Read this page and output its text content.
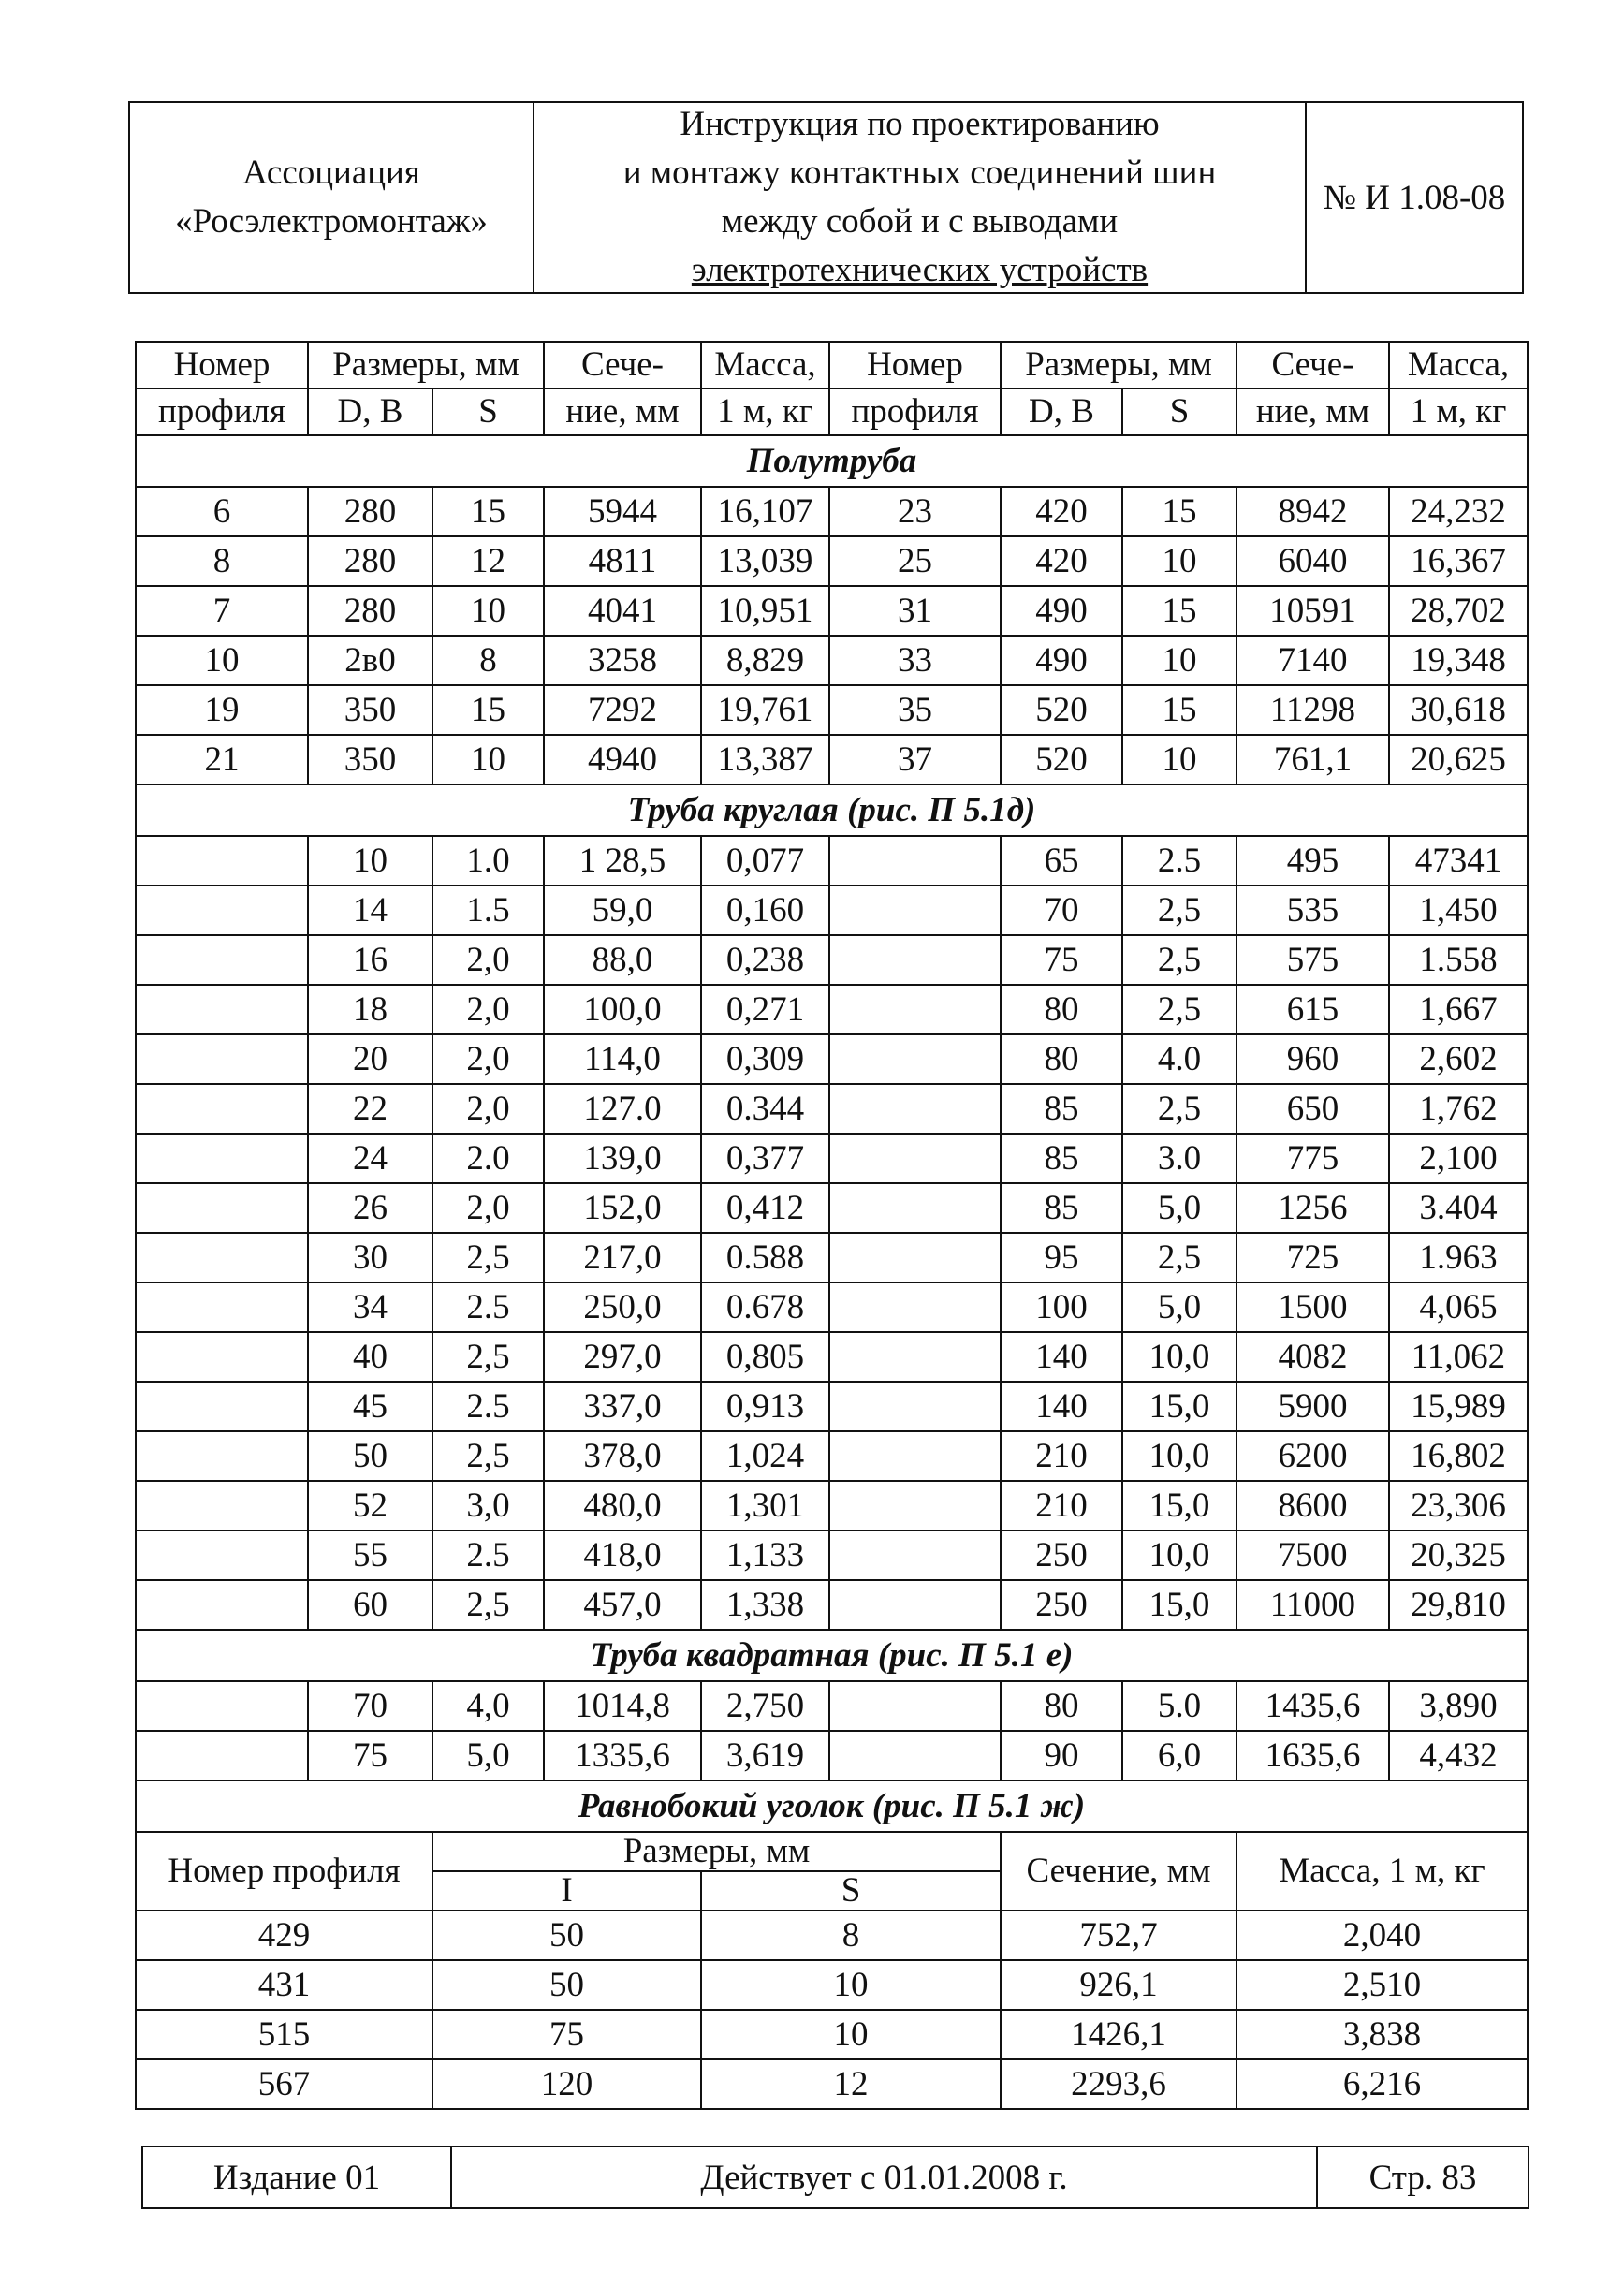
Ассоциация
«Росэлектромонтаж»
Инструкция по проектированию
и монтажу контактных соединений шин
между собой и с выводами
электротехнических устройств
№ И 1.08-08
Номер	Размеры, мм		Сече-	Масса,	Номер	Размеры, мм		Сече-	Масса,
профиля	D, B	S	ние, мм	1 м, кг	профиля	D, B	S	ние, мм	1 м, кг
Полутруба									
6	280	15	5944	16,107	23	420	15	8942	24,232
8	280	12	4811	13,039	25	420	10	6040	16,367
7	280	10	4041	10,951	31	490	15	10591	28,702
10	2в0	8	3258	8,829	33	490	10	7140	19,348
19	350	15	7292	19,761	35	520	15	11298	30,618
21	350	10	4940	13,387	37	520	10	761,1	20,625
Труба круглая (рис. П 5.1д)									
	10	1.0	1 28,5	0,077		65	2.5	495	47341
	14	1.5	59,0	0,160		70	2,5	535	1,450
	16	2,0	88,0	0,238		75	2,5	575	1.558
	18	2,0	100,0	0,271		80	2,5	615	1,667
	20	2,0	114,0	0,309		80	4.0	960	2,602
	22	2,0	127.0	0.344		85	2,5	650	1,762
	24	2.0	139,0	0,377		85	3.0	775	2,100
	26	2,0	152,0	0,412		85	5,0	1256	3.404
	30	2,5	217,0	0.588		95	2,5	725	1.963
	34	2.5	250,0	0.678		100	5,0	1500	4,065
	40	2,5	297,0	0,805		140	10,0	4082	11,062
	45	2.5	337,0	0,913		140	15,0	5900	15,989
	50	2,5	378,0	1,024		210	10,0	6200	16,802
	52	3,0	480,0	1,301		210	15,0	8600	23,306
	55	2.5	418,0	1,133		250	10,0	7500	20,325
	60	2,5	457,0	1,338		250	15,0	11000	29,810
Труба квадратная (рис. П 5.1 е)									
	70	4,0	1014,8	2,750		80	5.0	1435,6	3,890
	75	5,0	1335,6	3,619		90	6,0	1635,6	4,432
Равнобокий уголок (рис. П 5.1 ж)									
Номер профиля		Размеры, мм				Сечение, мм		Масса, 1 м, кг	
		I		S					
429		50		8		752,7		2,040	
431		50		10		926,1		2,510	
515		75		10		1426,1		3,838	
567		120		12		2293,6		6,216	
Издание 01	Действует с 01.01.2008 г.	Стр. 83
